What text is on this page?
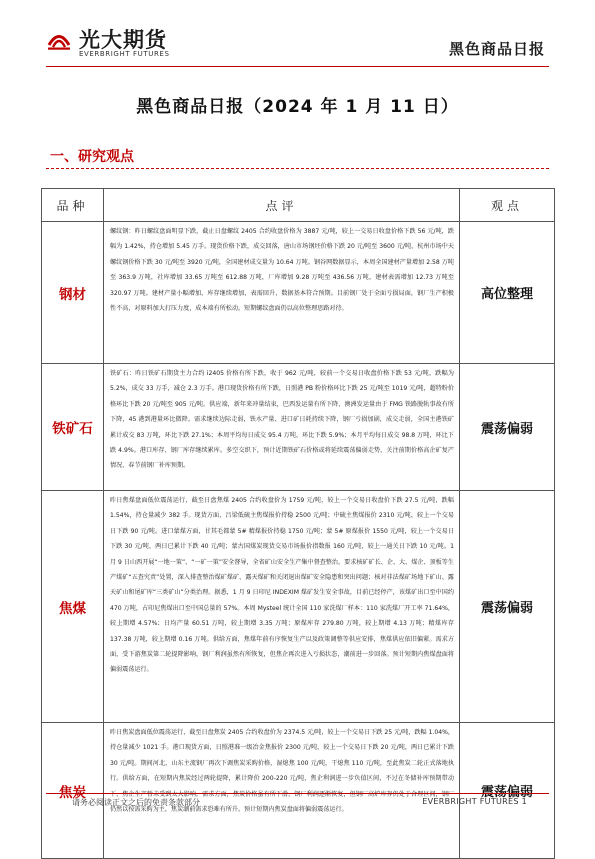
光大期货
EVERBRIGHT FUTURES	黑色商品日报
黑色商品日报（2024 年 1 月 11 日）
一、研究观点
品种	点评	观点
钢材	螺纹钢：昨日螺纹盘面明显下跌，截止日盘螺纹 2405 合约收盘价格为 3887 元/吨，较上一交易日收盘价格下跌 56 元/吨，跌幅为 1.42%，持仓增加 5.45 万手。现货价格下跌，成交回落，唐山市场钢坯价格下跌 20 元/吨至 3600 元/吨，杭州市场中天螺纹钢价格下跌 30 元/吨至 3920 元/吨，全国建材成交量为 10.64 万吨。钢谷网数据显示，本周全国建材产量增加 2.58 万吨至 363.9 万吨，社库增加 33.65 万吨至 612.88 万吨，厂库增加 9.28 万吨至 436.56 万吨，建材表需增加 12.73 万吨至 320.97 万吨。建材产量小幅增加，库存继续增加，表需回升，数据基本符合预期。目前钢厂处于全面亏损局面，钢厂生产积极性不高，对原料加大打压力度，成本端有所松动。短期螺纹盘面仍以高位整理思路对待。	高位整理
铁矿石	铁矿石：昨日铁矿石期货主力合约 i2405 价格有所下跌，收于 962 元/吨，较前一个交易日收盘价格下跌 53 元/吨，跌幅为 5.2%，成交 33 万手，减仓 2.3 万手。港口现货价格有所下跌，日照港 PB 粉价格环比下跌 25 元/吨至 1019 元/吨，超特粉价格环比下跌 20 元/吨至 905 元/吨。供应端，新年来冲量结束，巴西发运量有所下降，澳洲发运量由于 FMG 铁路脱轨事故有所下降，45 港到港量环比微降。需求继续边际走弱，铁水产量、进口矿日耗持续下降，钢厂亏损加剧，成交走弱，全国主港铁矿累计成交 83 万吨，环比下跌 27.1%；本周平均每日成交 95.4 万吨，环比下跌 5.9%；本月平均每日成交 98.8 万吨，环比下跌 4.9%。港口库存、钢厂库存继续累库。多空交织下，预计近期铁矿石价格或将延续震荡偏弱走势，关注前期价格高企矿复产情况、春节前钢厂补库预期。	震荡偏弱
焦煤	昨日焦煤盘面低位震荡运行，截至日盘焦煤 2405 合约收盘价为 1759 元/吨，较上一个交易日收盘价下跌 27.5 元/吨，跌幅 1.54%，持仓量减少 382 手。现货方面，吕梁低硫主焦煤报价持稳 2500 元/吨；中硫主焦煤报价 2310 元/吨，较上一个交易日下跌 90 元/吨。进口蒙煤方面，甘其毛都蒙 5# 精煤报价持稳 1750 元/吨；蒙 5# 原煤报价 1550 元/吨，较上一个交易日下跌 30 元/吨，两日已累计下跌 40 元/吨；蒙古国煤炭现货交易市场报价指数报 160 元/吨，较上一通关日下跌 10 元/吨。1 月 9 日山西开展“一地一策”、“一矿一策”安全督导，全省矿山安全生产集中督查整治，要求核矿矿长、企、大、煤企、顶板等生产煤矿“五查究责”处置，深入排查整治煤矿煤矿、露天煤矿和关闭退出煤矿安全隐患和突出问题；核对非法煤矿场地下矿山、露天矿山和尾矿库“三类矿山”分类治理。据悉，1 月 9 日印尼 INDEXIM 煤矿发生安全事故，目前已经停产，该煤矿出口至中国约 470 万吨，占印尼焦煤出口至中国总量的 57%。本周 Mysteel 统计全国 110 家洗煤厂样本：110 家洗煤厂开工率 71.64%，较上期增 4.57%；日均产量 60.51 万吨，较上期增 3.35 万吨；原煤库存 279.80 万吨，较上期增 4.13 万吨；精煤库存 137.38 万吨，较上期增 0.16 万吨。供给方面，焦煤年前有序恢复生产以及政策调整等供应安排，焦煤供应依旧偏紧。需求方面，受下游焦炭第二轮提降影响，钢厂利润虽然有所恢复，但焦企再次进入亏损状态，潮前进一步回落。预计短期内焦煤盘面将偏弱震荡运行。	震荡偏弱
焦炭	昨日焦炭盘面低位震荡运行，截至日盘焦炭 2405 合约收盘价为 2374.5 元/吨，较上一个交易日下跌 25 元/吨，跌幅 1.04%，持仓量减少 1021 手。港口现货方面，日照港准一级冶金焦报价 2300 元/吨，较上一个交易日下跌 20 元/吨，两日已累计下跌 30 元/吨。期间河北、山东主流钢厂再次下调焦炭采购价格，湿熄焦 100 元/吨，干熄焦 110 元/吨，至此焦炭二轮正式落地执行。供给方面，在短期内焦炭经过两轮提降，累计降价 200-220 元/吨，焦企利润进一步负值区间，不过在冬储补库预期带动下，焦企生产暂未受到太大影响。需求方面，焦炭价格虽有所下滑，钢厂利润逐渐恢复，但钢厂高炉库存仍处于合理区间，钢厂仍然以按需采购为主，焦炭潮前需求恐难有所升。预计短期内焦炭盘面将偏弱震荡运行。	震荡偏弱
请务必阅读正文之后的免责条款部分	EVERBRIGHT FUTURES 1
